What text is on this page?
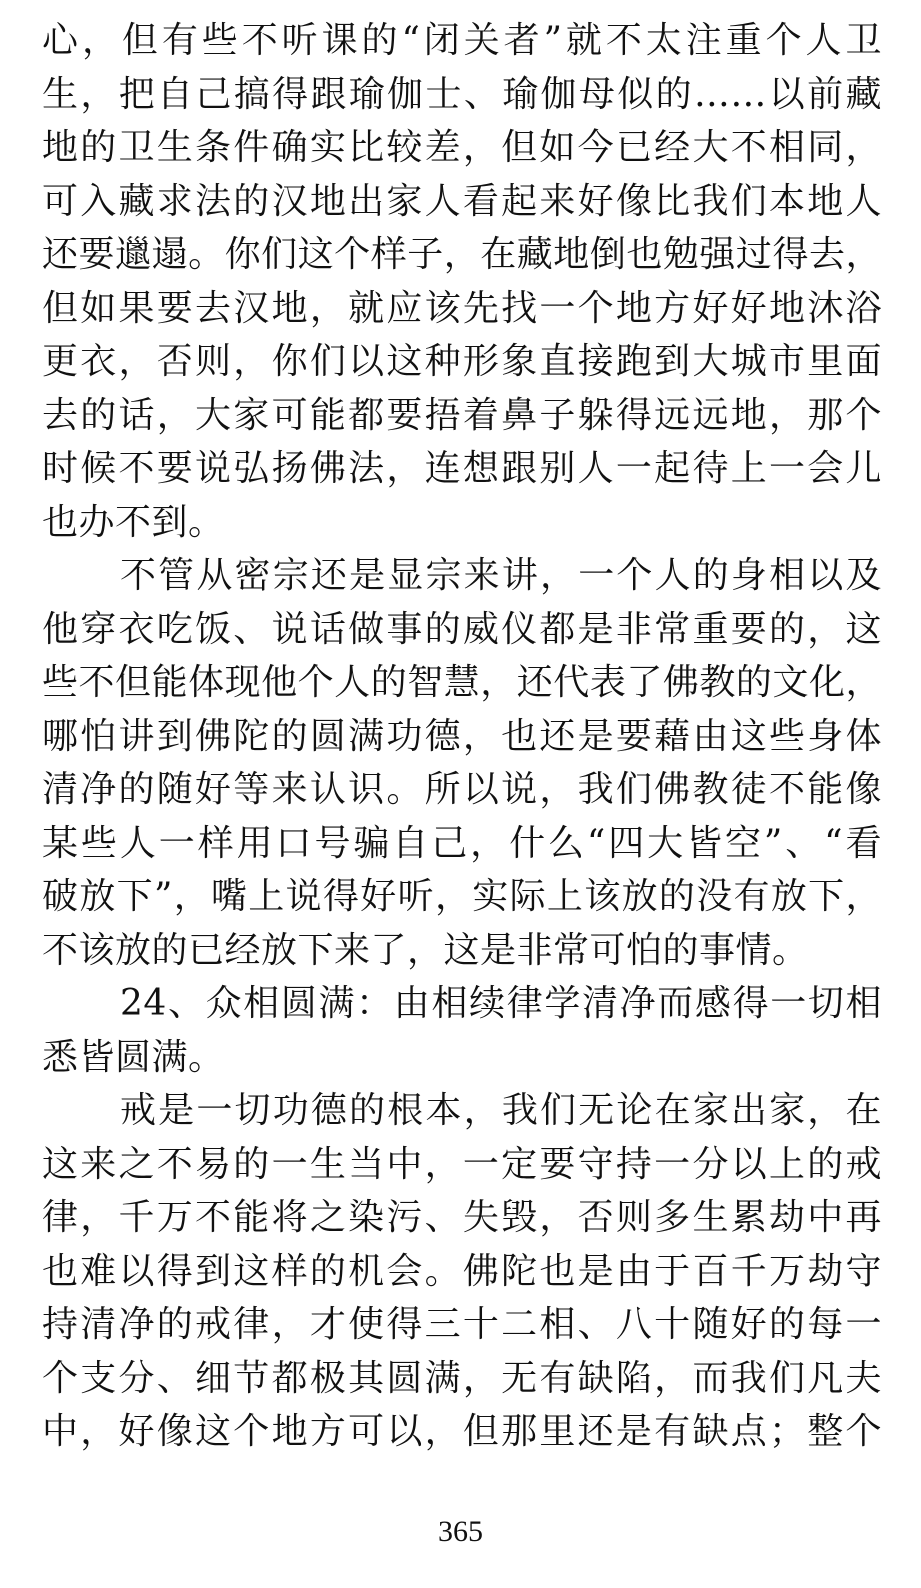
心，但有些不听课的“闭关者”就不太注重个人卫
生，把自己搞得跟瑜伽士、瑜伽母似的……以前藏
地的卫生条件确实比较差，但如今已经大不相同，
可入藏求法的汉地出家人看起来好像比我们本地人
还要邋遢。你们这个样子，在藏地倒也勉强过得去，
但如果要去汉地，就应该先找一个地方好好地沐浴
更衣，否则，你们以这种形象直接跑到大城市里面
去的话，大家可能都要捂着鼻子躲得远远地，那个
时候不要说弘扬佛法，连想跟别人一起待上一会儿
也办不到。
不管从密宗还是显宗来讲，一个人的身相以及
他穿衣吃饭、说话做事的威仪都是非常重要的，这
些不但能体现他个人的智慧，还代表了佛教的文化，
哪怕讲到佛陀的圆满功德，也还是要藉由这些身体
清净的随好等来认识。所以说，我们佛教徒不能像
某些人一样用口号骗自己，什么“四大皆空”、“看
破放下”，嘴上说得好听，实际上该放的没有放下，
不该放的已经放下来了，这是非常可怕的事情。
24、众相圆满：由相续律学清净而感得一切相
悉皆圆满。
戒是一切功德的根本，我们无论在家出家，在
这来之不易的一生当中，一定要守持一分以上的戒
律，千万不能将之染污、失毁，否则多生累劫中再
也难以得到这样的机会。佛陀也是由于百千万劫守
持清净的戒律，才使得三十二相、八十随好的每一
个支分、细节都极其圆满，无有缺陷，而我们凡夫
中，好像这个地方可以，但那里还是有缺点；整个
365
